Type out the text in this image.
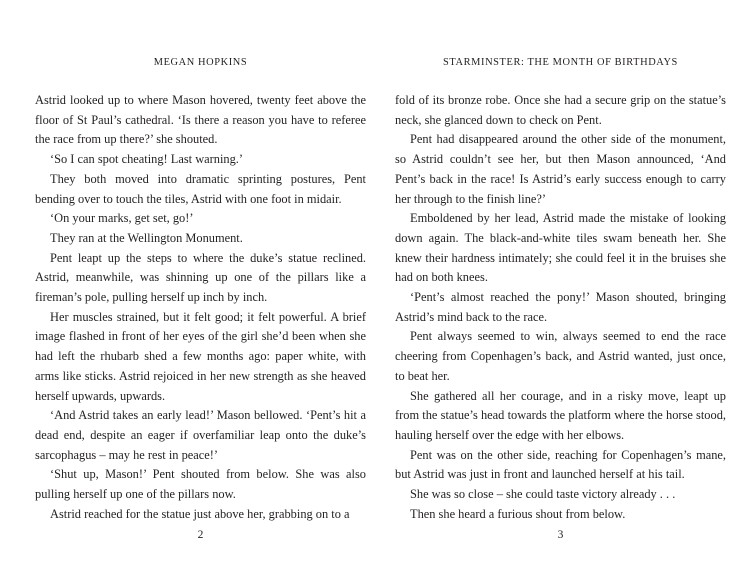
MEGAN HOPKINS

Astrid looked up to where Mason hovered, twenty feet above the floor of St Paul’s cathedral. ‘Is there a reason you have to referee the race from up there?’ she shouted.

‘So I can spot cheating! Last warning.’

They both moved into dramatic sprinting postures, Pent bending over to touch the tiles, Astrid with one foot in midair.

‘On your marks, get set, go!’

They ran at the Wellington Monument.

Pent leapt up the steps to where the duke’s statue reclined. Astrid, meanwhile, was shinning up one of the pillars like a fireman’s pole, pulling herself up inch by inch.

Her muscles strained, but it felt good; it felt powerful. A brief image flashed in front of her eyes of the girl she’d been when she had left the rhubarb shed a few months ago: paper white, with arms like sticks. Astrid rejoiced in her new strength as she heaved herself upwards, upwards.

‘And Astrid takes an early lead!’ Mason bellowed. ‘Pent’s hit a dead end, despite an eager if overfamiliar leap onto the duke’s sarcophagus – may he rest in peace!’

‘Shut up, Mason!’ Pent shouted from below. She was also pulling herself up one of the pillars now.

Astrid reached for the statue just above her, grabbing on to a

2
STARMINSTER: THE MONTH OF BIRTHDAYS

fold of its bronze robe. Once she had a secure grip on the statue’s neck, she glanced down to check on Pent.

Pent had disappeared around the other side of the monument, so Astrid couldn’t see her, but then Mason announced, ‘And Pent’s back in the race! Is Astrid’s early success enough to carry her through to the finish line?’

Emboldened by her lead, Astrid made the mistake of looking down again. The black-and-white tiles swam beneath her. She knew their hardness intimately; she could feel it in the bruises she had on both knees.

‘Pent’s almost reached the pony!’ Mason shouted, bringing Astrid’s mind back to the race.

Pent always seemed to win, always seemed to end the race cheering from Copenhagen’s back, and Astrid wanted, just once, to beat her.

She gathered all her courage, and in a risky move, leapt up from the statue’s head towards the platform where the horse stood, hauling herself over the edge with her elbows.

Pent was on the other side, reaching for Copenhagen’s mane, but Astrid was just in front and launched herself at his tail.

She was so close – she could taste victory already . . .

Then she heard a furious shout from below.

3
